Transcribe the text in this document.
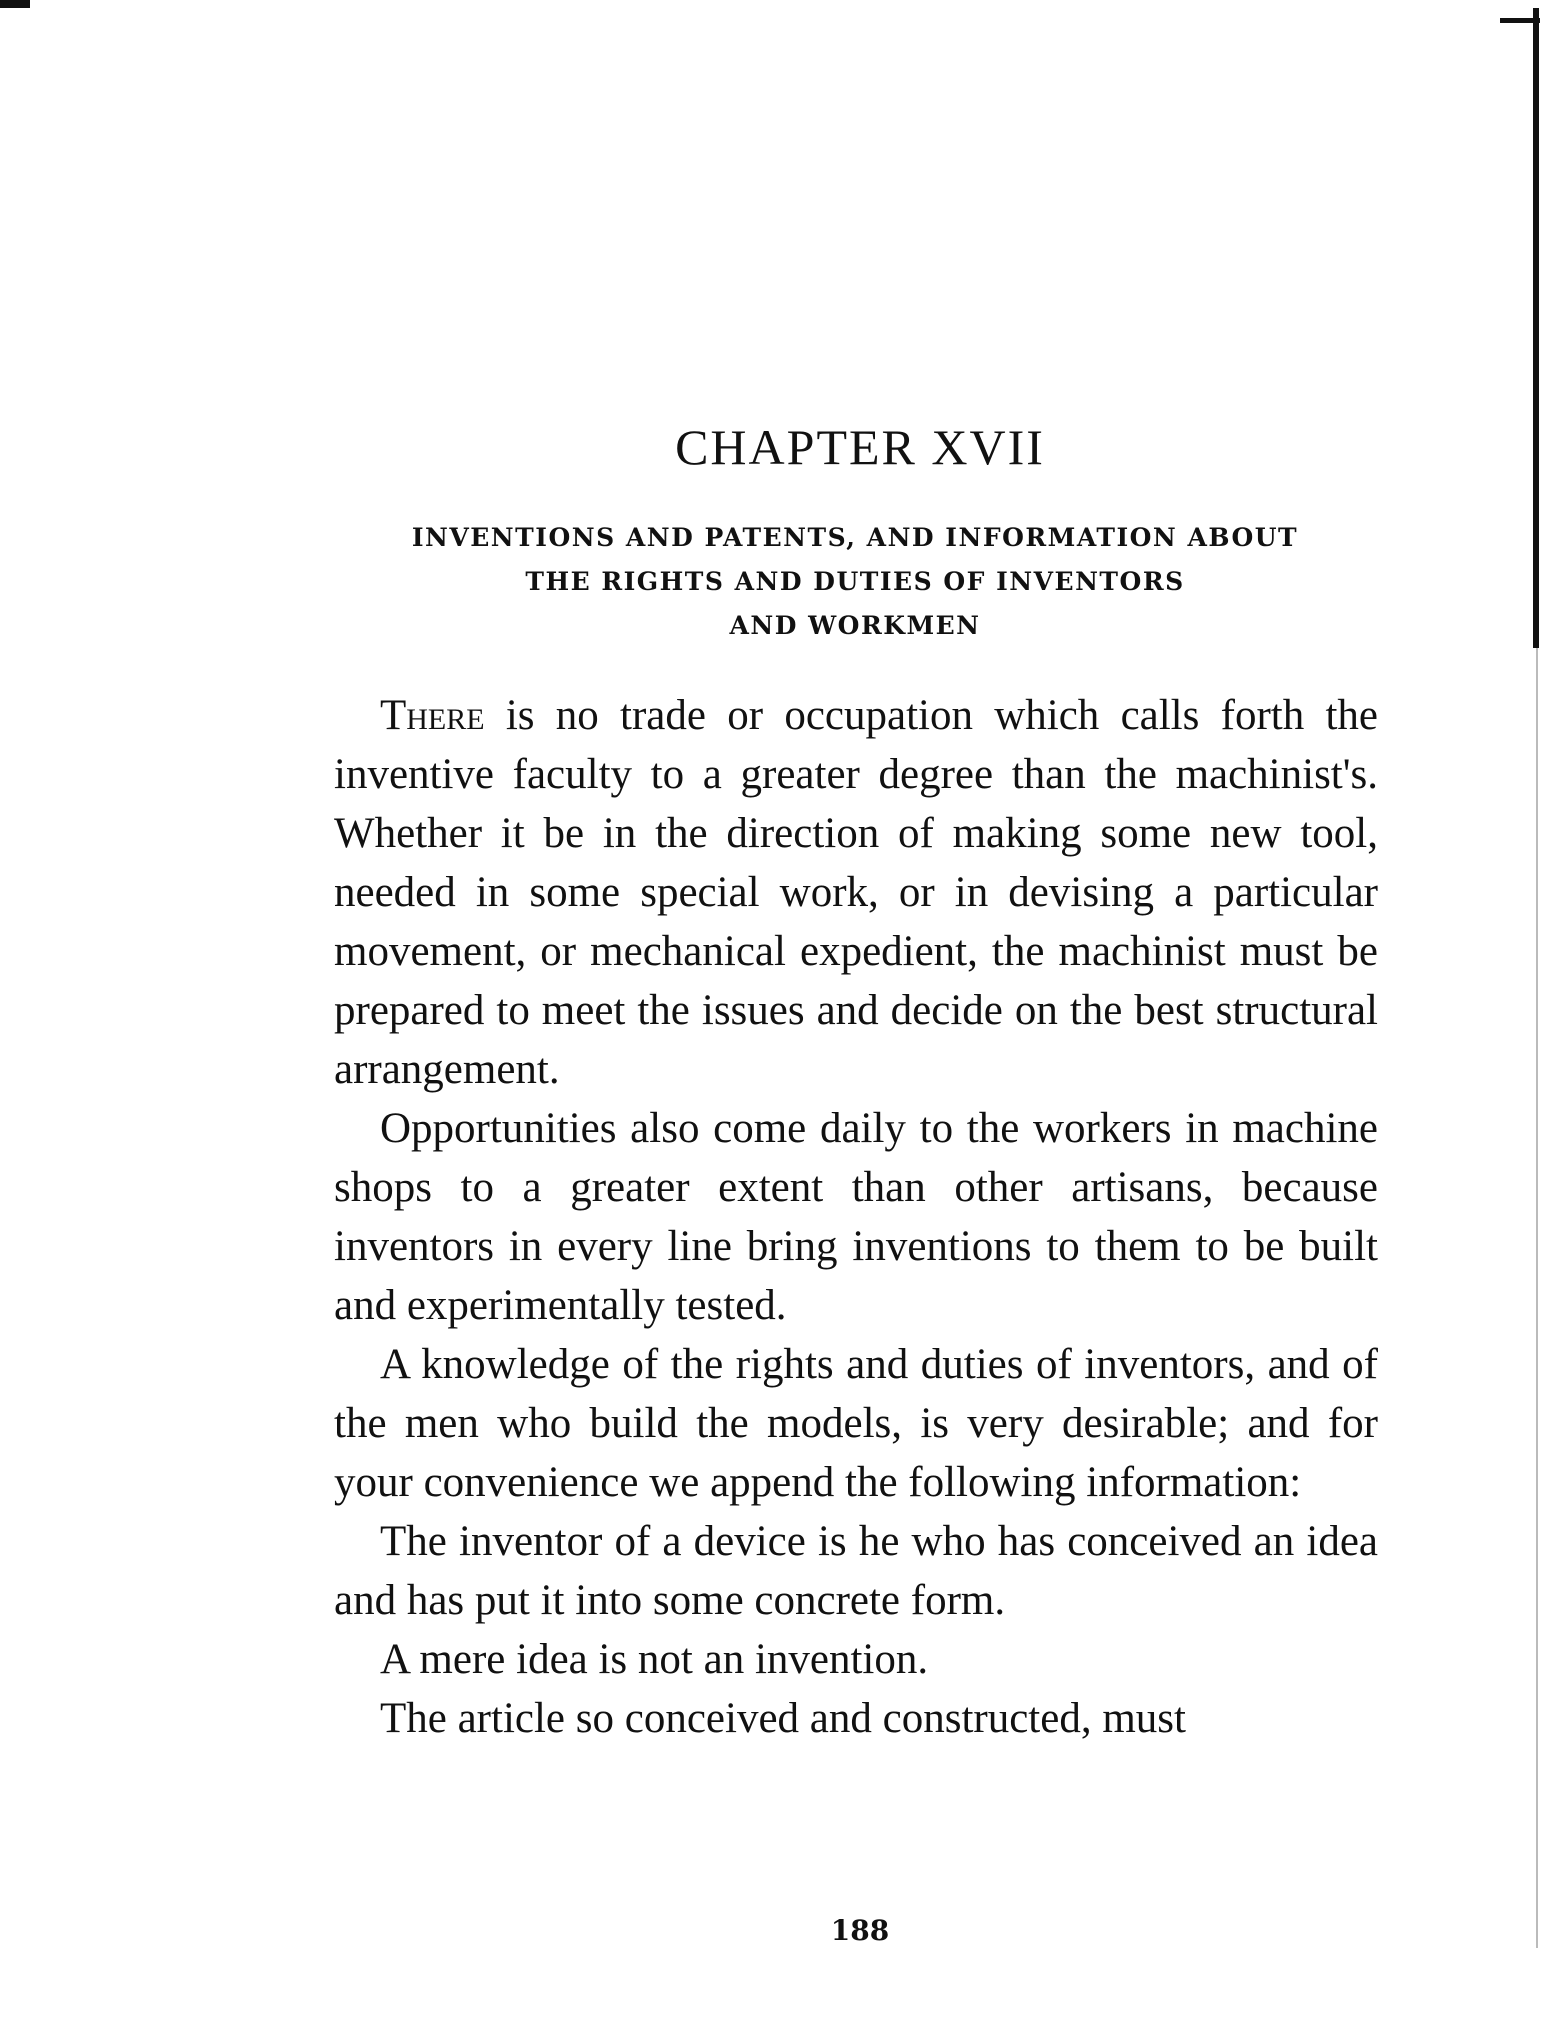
CHAPTER XVII
INVENTIONS AND PATENTS, AND INFORMATION ABOUT
THE RIGHTS AND DUTIES OF INVENTORS
AND WORKMEN

There is no trade or occupation which calls forth the inventive faculty to a greater degree than the machinist's. Whether it be in the direction of making some new tool, needed in some special work, or in devising a particular movement, or mechanical expedient, the machinist must be prepared to meet the issues and decide on the best structural arrangement.

Opportunities also come daily to the workers in machine shops to a greater extent than other artisans, because inventors in every line bring inventions to them to be built and experimentally tested.

A knowledge of the rights and duties of inventors, and of the men who build the models, is very desirable; and for your convenience we append the following information:

The inventor of a device is he who has conceived an idea and has put it into some concrete form.

A mere idea is not an invention.

The article so conceived and constructed, must

188
